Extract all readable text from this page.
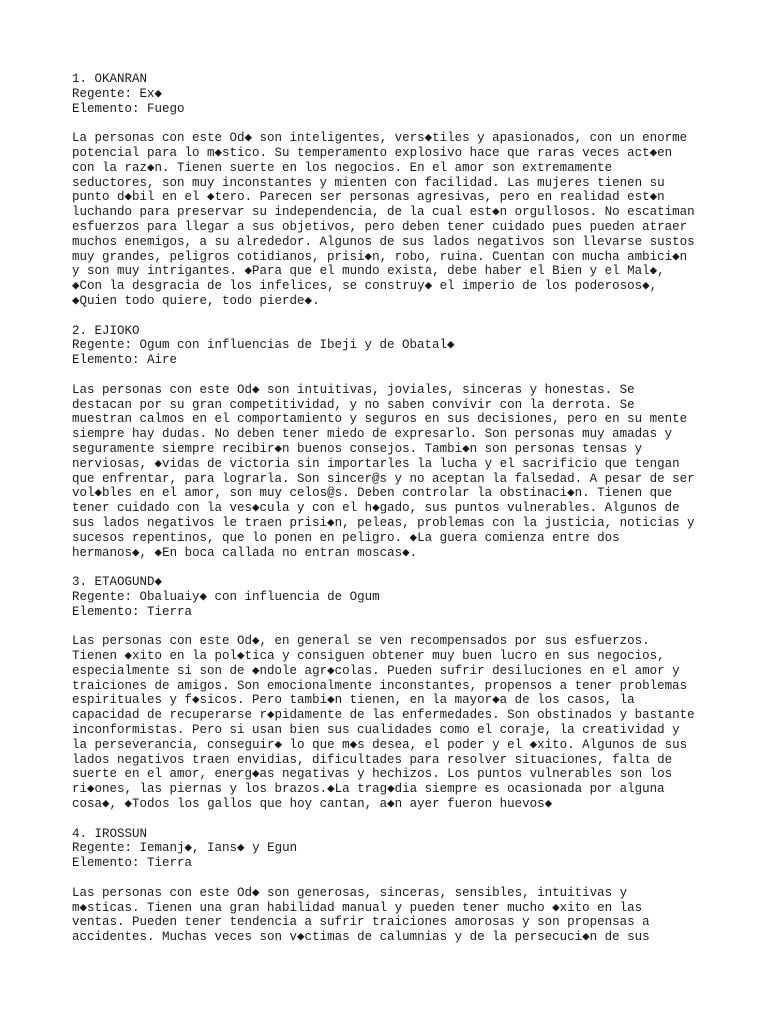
1. OKANRAN
Regente: Ex◆
Elemento: Fuego
La personas con este Od◆ son inteligentes, vers◆tiles y apasionados, con un enorme
potencial para lo m◆stico. Su temperamento explosivo hace que raras veces act◆en
con la raz◆n. Tienen suerte en los negocios. En el amor son extremamente
seductores, son muy inconstantes y mienten con facilidad. Las mujeres tienen su
punto d◆bil en el ◆tero. Parecen ser personas agresivas, pero en realidad est◆n
luchando para preservar su independencia, de la cual est◆n orgullosos. No escatiman
esfuerzos para llegar a sus objetivos, pero deben tener cuidado pues pueden atraer
muchos enemigos, a su alrededor. Algunos de sus lados negativos son llevarse sustos
muy grandes, peligros cotidianos, prisi◆n, robo, ruina. Cuentan con mucha ambici◆n
y son muy intrigantes. ◆Para que el mundo exista, debe haber el Bien y el Mal◆,
◆Con la desgracia de los infelices, se construy◆ el imperio de los poderosos◆,
◆Quien todo quiere, todo pierde◆.
2. EJIOKO
Regente: Ogum con influencias de Ibeji y de Obatal◆
Elemento: Aire
Las personas con este Od◆ son intuitivas, joviales, sinceras y honestas. Se
destacan por su gran competitividad, y no saben convivir con la derrota. Se
muestran calmos en el comportamiento y seguros en sus decisiones, pero en su mente
siempre hay dudas. No deben tener miedo de expresarlo. Son personas muy amadas y
seguramente siempre recibir◆n buenos consejos. Tambi◆n son personas tensas y
nerviosas, ◆vidas de victoria sin importarles la lucha y el sacrificio que tengan
que enfrentar, para lograrla. Son sincer@s y no aceptan la falsedad. A pesar de ser
vol◆bles en el amor, son muy celos@s. Deben controlar la obstinaci◆n. Tienen que
tener cuidado con la ves◆cula y con el h◆gado, sus puntos vulnerables. Algunos de
sus lados negativos le traen prisi◆n, peleas, problemas con la justicia, noticias y
sucesos repentinos, que lo ponen en peligro. ◆La guera comienza entre dos
hermanos◆, ◆En boca callada no entran moscas◆.
3. ETAOGUND◆
Regente: Obaluaiy◆ con influencia de Ogum
Elemento: Tierra
Las personas con este Od◆, en general se ven recompensados por sus esfuerzos.
Tienen ◆xito en la pol◆tica y consiguen obtener muy buen lucro en sus negocios,
especialmente si son de ◆ndole agr◆colas. Pueden sufrir desiluciones en el amor y
traiciones de amigos. Son emocionalmente inconstantes, propensos a tener problemas
espirituales y f◆sicos. Pero tambi◆n tienen, en la mayor◆a de los casos, la
capacidad de recuperarse r◆pidamente de las enfermedades. Son obstinados y bastante
inconformistas. Pero si usan bien sus cualidades como el coraje, la creatividad y
la perseverancia, conseguir◆ lo que m◆s desea, el poder y el ◆xito. Algunos de sus
lados negativos traen envidias, dificultades para resolver situaciones, falta de
suerte en el amor, energ◆as negativas y hechizos. Los puntos vulnerables son los
ri◆ones, las piernas y los brazos.◆La trag◆dia siempre es ocasionada por alguna
cosa◆, ◆Todos los gallos que hoy cantan, a◆n ayer fueron huevos◆
4. IROSSUN
Regente: Iemanj◆, Ians◆ y Egun
Elemento: Tierra
Las personas con este Od◆ son generosas, sinceras, sensibles, intuitivas y
m◆sticas. Tienen una gran habilidad manual y pueden tener mucho ◆xito en las
ventas. Pueden tener tendencia a sufrir traiciones amorosas y son propensas a
accidentes. Muchas veces son v◆ctimas de calumnias y de la persecuci◆n de sus
